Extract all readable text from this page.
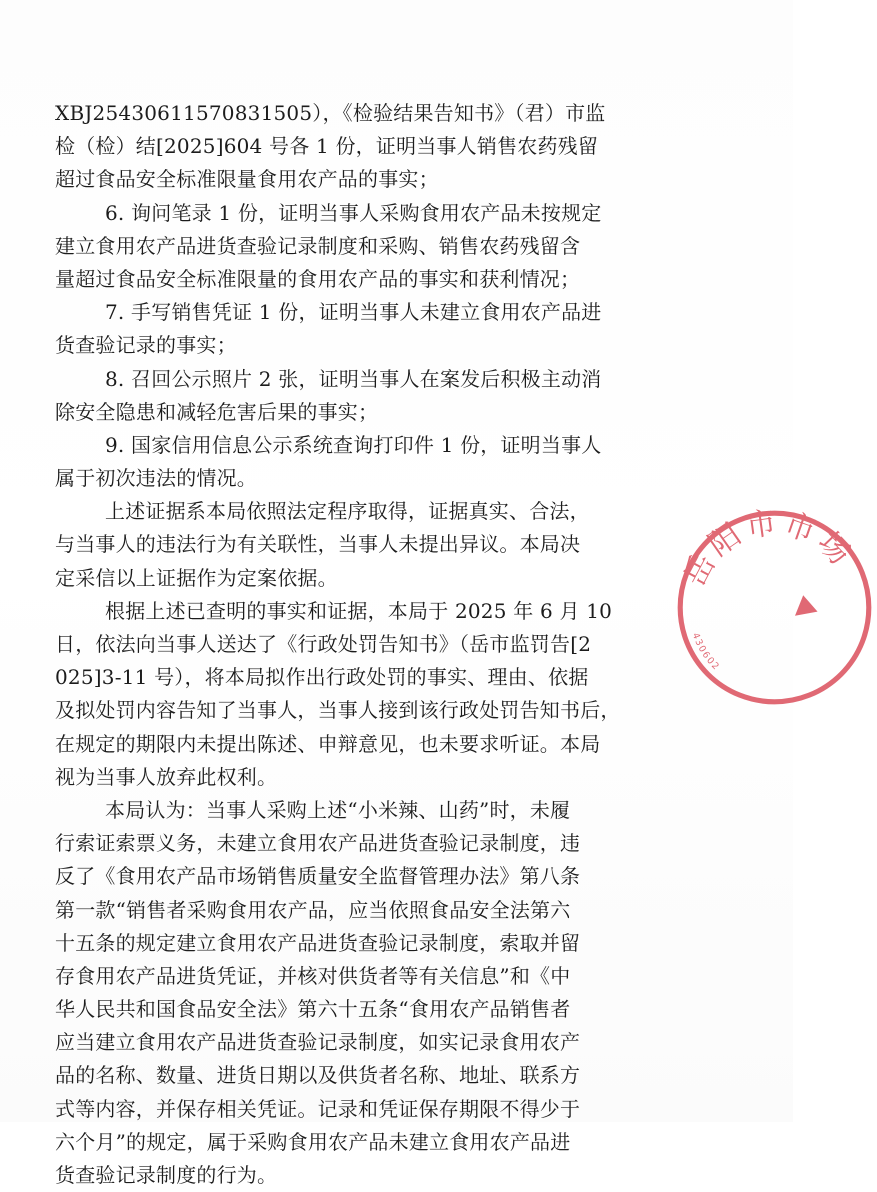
XBJ25430611570831505），《检验结果告知书》（君）市监
检（检）结[2025]604 号各 1 份，证明当事人销售农药残留
超过食品安全标准限量食用农产品的事实；
6. 询问笔录 1 份，证明当事人采购食用农产品未按规定
建立食用农产品进货查验记录制度和采购、销售农药残留含
量超过食品安全标准限量的食用农产品的事实和获利情况；
7. 手写销售凭证 1 份，证明当事人未建立食用农产品进
货查验记录的事实；
8. 召回公示照片 2 张，证明当事人在案发后积极主动消
除安全隐患和减轻危害后果的事实；
9. 国家信用信息公示系统查询打印件 1 份，证明当事人
属于初次违法的情况。
上述证据系本局依照法定程序取得，证据真实、合法，
与当事人的违法行为有关联性，当事人未提出异议。本局决
定采信以上证据作为定案依据。
根据上述已查明的事实和证据，本局于 2025 年 6 月 10
日，依法向当事人送达了《行政处罚告知书》（岳市监罚告[2
025]3-11 号），将本局拟作出行政处罚的事实、理由、依据
及拟处罚内容告知了当事人，当事人接到该行政处罚告知书后，
在规定的期限内未提出陈述、申辩意见，也未要求听证。本局
视为当事人放弃此权利。
本局认为：当事人采购上述“小米辣、山药”时，未履
行索证索票义务，未建立食用农产品进货查验记录制度，违
反了《食用农产品市场销售质量安全监督管理办法》第八条
第一款“销售者采购食用农产品，应当依照食品安全法第六
十五条的规定建立食用农产品进货查验记录制度，索取并留
存食用农产品进货凭证，并核对供货者等有关信息”和《中
华人民共和国食品安全法》第六十五条“食用农产品销售者
应当建立食用农产品进货查验记录制度，如实记录食用农产
品的名称、数量、进货日期以及供货者名称、地址、联系方
式等内容，并保存相关凭证。记录和凭证保存期限不得少于
六个月”的规定，属于采购食用农产品未建立食用农产品进
货查验记录制度的行为。
岳阳市市场
430602
